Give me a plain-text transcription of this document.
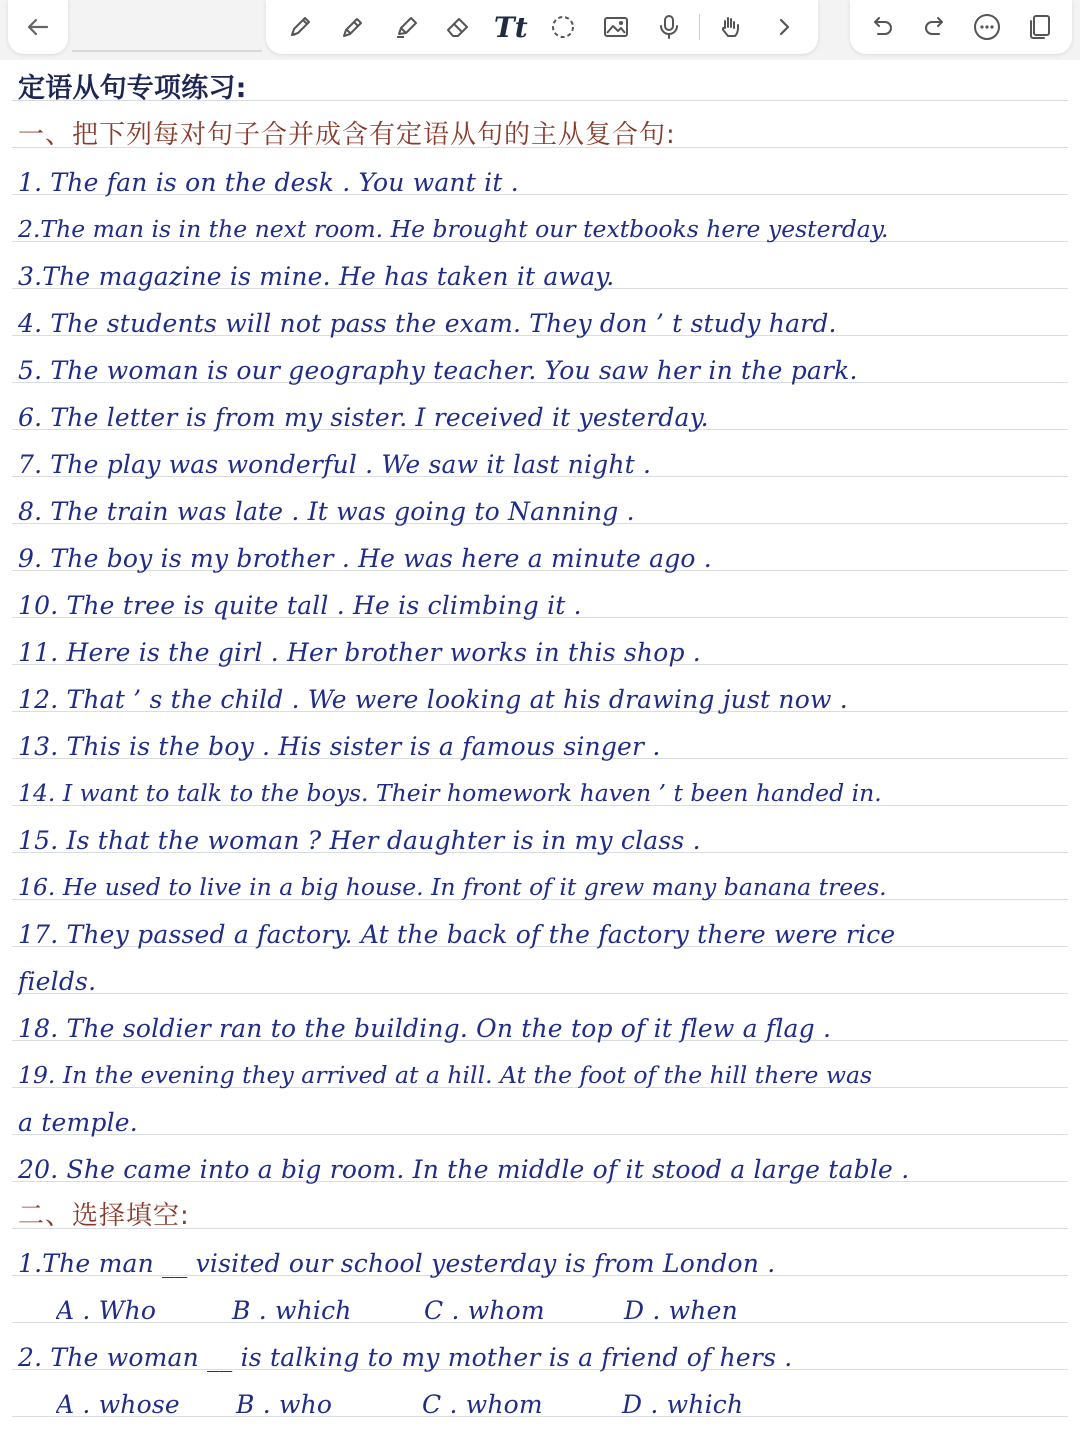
Tt
定语从句专项练习:
一、把下列每对句子合并成含有定语从句的主从复合句:
1. The fan is on the desk . You want it .
2.The man is in the next room. He brought our textbooks here yesterday.
3.The magazine is mine. He has taken it away.
4. The students will not pass the exam. They don ’ t study hard.
5. The woman is our geography teacher. You saw her in the park.
6. The letter is from my sister. I received it yesterday.
7. The play was wonderful . We saw it last night .
8. The train was late . It was going to Nanning .
9. The boy is my brother . He was here a minute ago .
10. The tree is quite tall . He is climbing it .
11. Here is the girl . Her brother works in this shop .
12. That ’ s the child . We were looking at his drawing just now .
13. This is the boy . His sister is a famous singer .
14. I want to talk to the boys. Their homework haven ’ t been handed in.
15. Is that the woman ? Her daughter is in my class .
16. He used to live in a big house. In front of it grew many banana trees.
17. They passed a factory. At the back of the factory there were rice
fields.
18. The soldier ran to the building. On the top of it flew a flag .
19. In the evening they arrived at a hill. At the foot of the hill there was
a temple.
20. She came into a big room. In the middle of it stood a large table .
二、选择填空:
1.The man __ visited our school yesterday is from London .
A . Who	B . which	C . whom	D . when
2. The woman __ is talking to my mother is a friend of hers .
A . whose	B . who	C . whom	D . which
